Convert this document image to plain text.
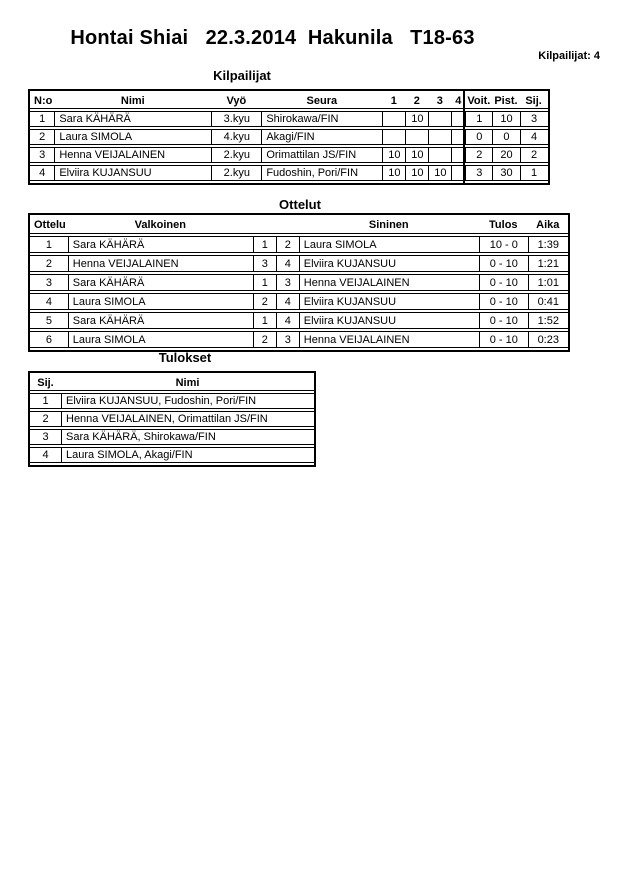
Hontai Shiai   22.3.2014  Hakunila   T18-63
Kilpailijat: 4
Kilpailijat
N:o	Nimi	Vyö	Seura	1	2	3	4	Voit.	Pist.	Sij.
1	Sara KÄHÄRÄ	3.kyu	Shirokawa/FIN		10			1	10	3
2	Laura SIMOLA	4.kyu	Akagi/FIN					0	0	4
3	Henna VEIJALAINEN	2.kyu	Orimattilan JS/FIN	10	10			2	20	2
4	Elviira KUJANSUU	2.kyu	Fudoshin, Pori/FIN	10	10	10		3	30	1
Ottelut
Ottelu	Valkoinen			Sininen	Tulos	Aika
1	Sara KÄHÄRÄ	1	2	Laura SIMOLA	10 - 0	1:39
2	Henna VEIJALAINEN	3	4	Elviira KUJANSUU	0 - 10	1:21
3	Sara KÄHÄRÄ	1	3	Henna VEIJALAINEN	0 - 10	1:01
4	Laura SIMOLA	2	4	Elviira KUJANSUU	0 - 10	0:41
5	Sara KÄHÄRÄ	1	4	Elviira KUJANSUU	0 - 10	1:52
6	Laura SIMOLA	2	3	Henna VEIJALAINEN	0 - 10	0:23
Tulokset
Sij.	Nimi
1	Elviira KUJANSUU, Fudoshin, Pori/FIN
2	Henna VEIJALAINEN, Orimattilan JS/FIN
3	Sara KÄHÄRÄ, Shirokawa/FIN
4	Laura SIMOLA, Akagi/FIN
